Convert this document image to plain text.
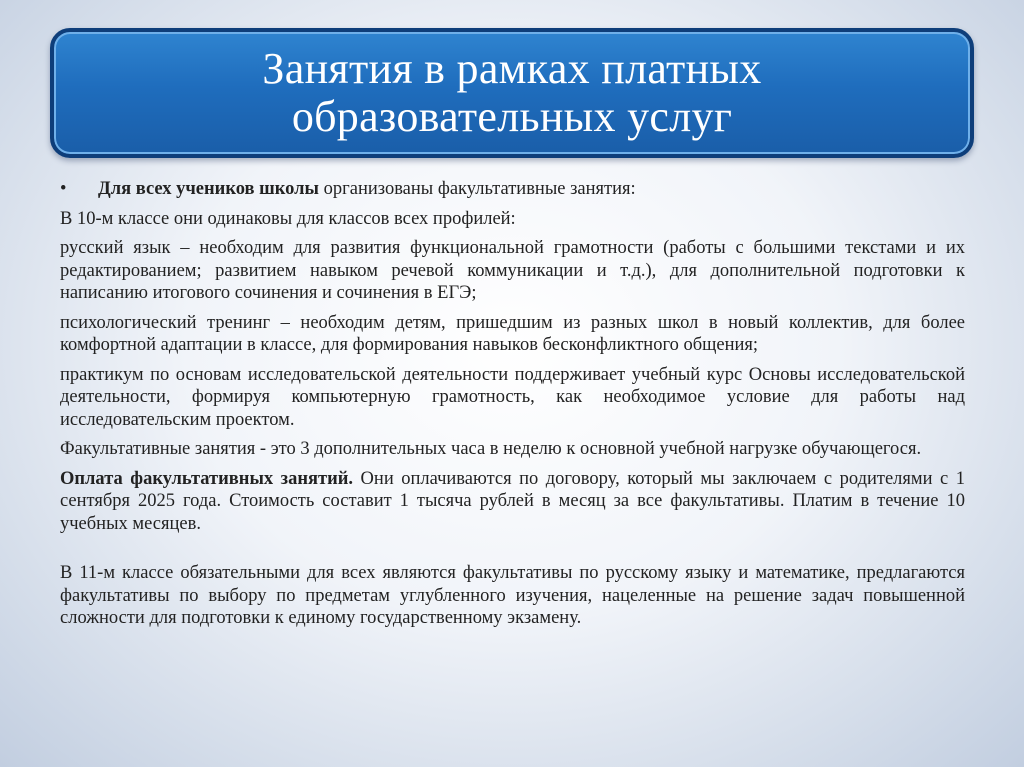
Занятия в рамках платных
образовательных услуг

• Для всех учеников школы организованы факультативные занятия:

В 10-м классе они одинаковы для классов всех профилей:

русский язык – необходим для развития функциональной грамотности (работы с большими текстами и их редактированием; развитием навыком речевой коммуникации и т.д.), для дополнительной подготовки к написанию итогового сочинения и сочинения в ЕГЭ;

психологический тренинг – необходим детям, пришедшим из разных школ в новый коллектив, для более комфортной адаптации в классе, для формирования навыков бесконфликтного общения;

практикум по основам исследовательской деятельности поддерживает учебный курс Основы исследовательской деятельности, формируя компьютерную грамотность, как необходимое условие для работы над исследовательским проектом.

Факультативные занятия - это 3 дополнительных часа в неделю к основной учебной нагрузке обучающегося.

Оплата факультативных занятий. Они оплачиваются по договору, который мы заключаем с родителями с 1 сентября 2025 года. Стоимость составит 1 тысяча рублей в месяц за все факультативы. Платим в течение 10 учебных месяцев.

В 11-м классе обязательными для всех являются факультативы по русскому языку и математике, предлагаются факультативы по выбору по предметам углубленного изучения, нацеленные на решение задач повышенной сложности для подготовки к единому государственному экзамену.
